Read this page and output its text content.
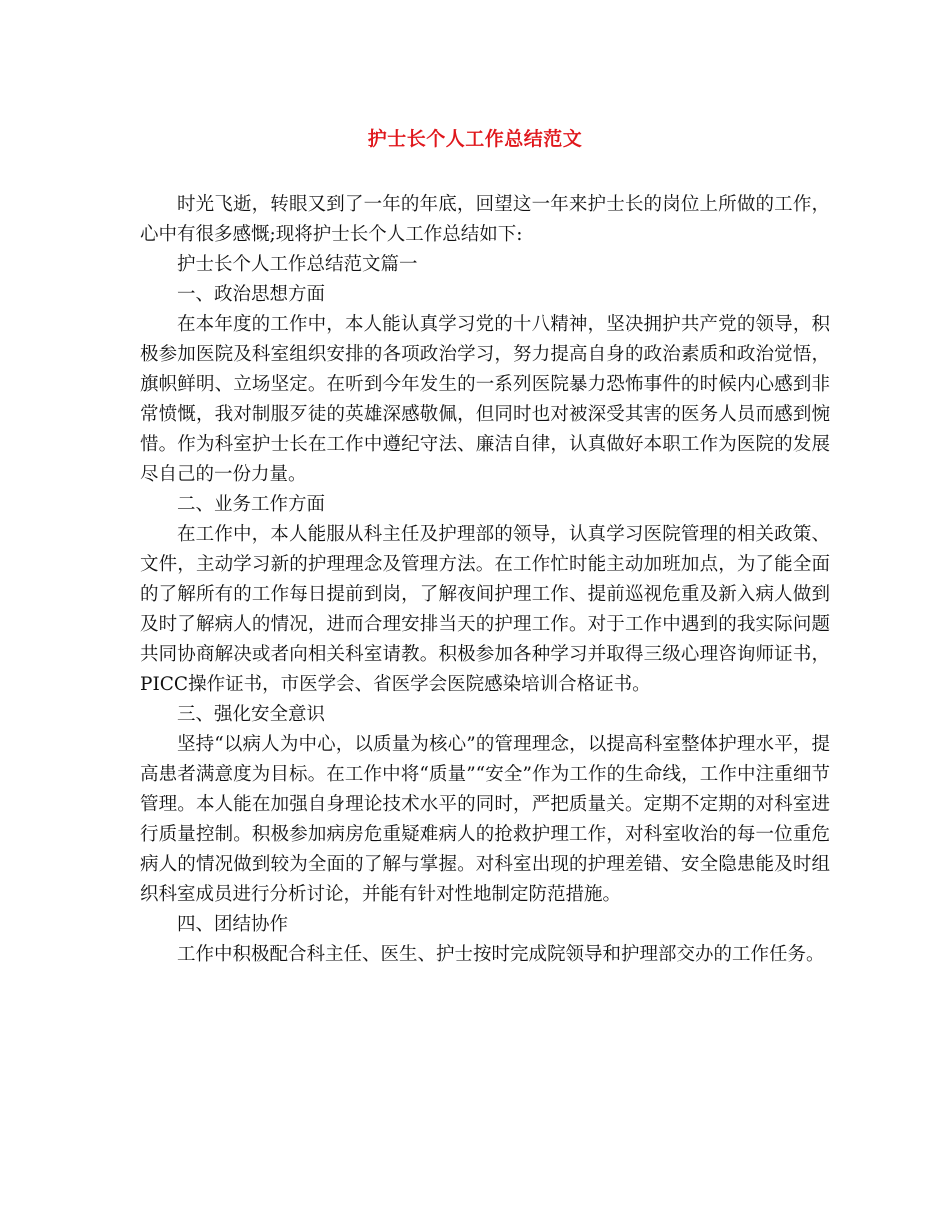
护士长个人工作总结范文

时光飞逝，转眼又到了一年的年底，回望这一年来护士长的岗位上所做的工作，心中有很多感慨;现将护士长个人工作总结如下:

护士长个人工作总结范文篇一

一、政治思想方面

在本年度的工作中，本人能认真学习党的十八精神，坚决拥护共产党的领导，积极参加医院及科室组织安排的各项政治学习，努力提高自身的政治素质和政治觉悟，旗帜鲜明、立场坚定。在听到今年发生的一系列医院暴力恐怖事件的时候内心感到非常愤慨，我对制服歹徒的英雄深感敬佩，但同时也对被深受其害的医务人员而感到惋惜。作为科室护士长在工作中遵纪守法、廉洁自律，认真做好本职工作为医院的发展尽自己的一份力量。

二、业务工作方面

在工作中，本人能服从科主任及护理部的领导，认真学习医院管理的相关政策、文件，主动学习新的护理理念及管理方法。在工作忙时能主动加班加点，为了能全面的了解所有的工作每日提前到岗，了解夜间护理工作、提前巡视危重及新入病人做到及时了解病人的情况，进而合理安排当天的护理工作。对于工作中遇到的我实际问题共同协商解决或者向相关科室请教。积极参加各种学习并取得三级心理咨询师证书，PICC操作证书，市医学会、省医学会医院感染培训合格证书。

三、强化安全意识

坚持“以病人为中心，以质量为核心”的管理理念，以提高科室整体护理水平，提高患者满意度为目标。在工作中将“质量”“安全”作为工作的生命线，工作中注重细节管理。本人能在加强自身理论技术水平的同时，严把质量关。定期不定期的对科室进行质量控制。积极参加病房危重疑难病人的抢救护理工作，对科室收治的每一位重危病人的情况做到较为全面的了解与掌握。对科室出现的护理差错、安全隐患能及时组织科室成员进行分析讨论，并能有针对性地制定防范措施。

四、团结协作

工作中积极配合科主任、医生、护士按时完成院领导和护理部交办的工作任务。
